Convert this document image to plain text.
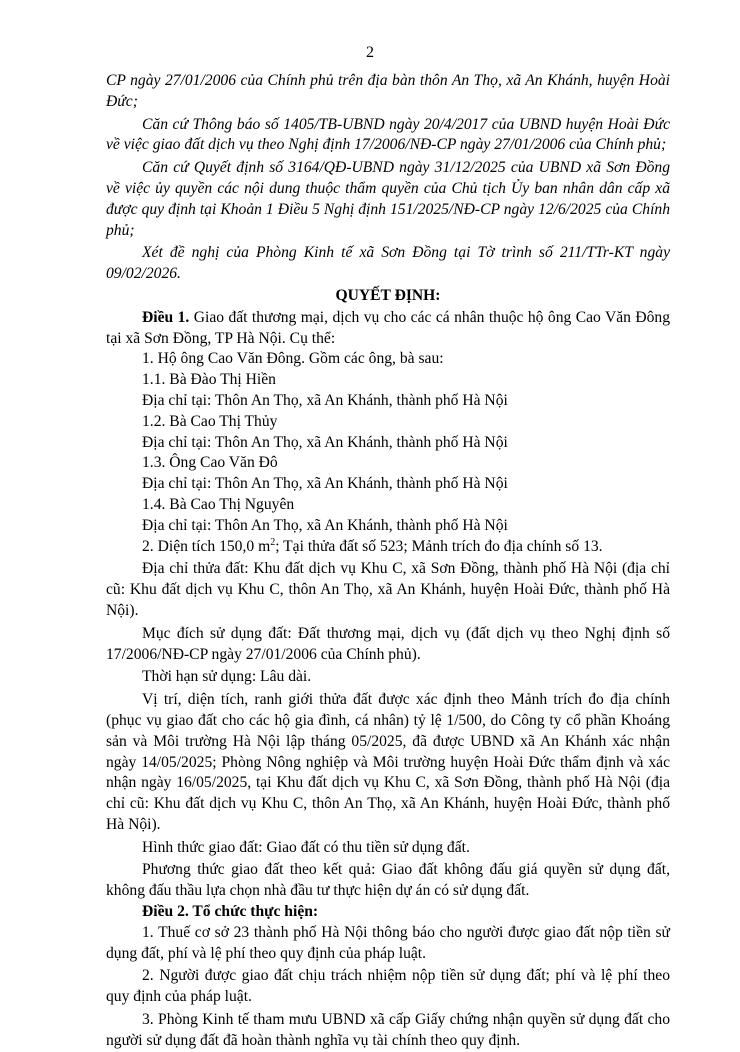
2

CP ngày 27/01/2006 của Chính phủ trên địa bàn thôn An Thọ, xã An Khánh, huyện Hoài Đức;

Căn cứ Thông báo số 1405/TB-UBND ngày 20/4/2017 của UBND huyện Hoài Đức về việc giao đất dịch vụ theo Nghị định 17/2006/NĐ-CP ngày 27/01/2006 của Chính phủ;

Căn cứ Quyết định số 3164/QĐ-UBND ngày 31/12/2025 của UBND xã Sơn Đồng về việc ủy quyền các nội dung thuộc thẩm quyền của Chủ tịch Ủy ban nhân dân cấp xã được quy định tại Khoản 1 Điều 5 Nghị định 151/2025/NĐ-CP ngày 12/6/2025 của Chính phủ;

Xét đề nghị của Phòng Kinh tế xã Sơn Đồng tại Tờ trình số 211/TTr-KT ngày 09/02/2026.

QUYẾT ĐỊNH:

Điều 1. Giao đất thương mại, dịch vụ cho các cá nhân thuộc hộ ông Cao Văn Đông tại xã Sơn Đồng, TP Hà Nội. Cụ thể:

1. Hộ ông Cao Văn Đông. Gồm các ông, bà sau:

1.1. Bà Đào Thị Hiền

Địa chỉ tại: Thôn An Thọ, xã An Khánh, thành phố Hà Nội

1.2. Bà Cao Thị Thủy

Địa chỉ tại: Thôn An Thọ, xã An Khánh, thành phố Hà Nội

1.3. Ông Cao Văn Đô

Địa chỉ tại: Thôn An Thọ, xã An Khánh, thành phố Hà Nội

1.4. Bà Cao Thị Nguyên

Địa chỉ tại: Thôn An Thọ, xã An Khánh, thành phố Hà Nội

2. Diện tích 150,0 $m^2$; Tại thửa đất số 523; Mảnh trích đo địa chính số 13.

Địa chỉ thửa đất: Khu đất dịch vụ Khu C, xã Sơn Đồng, thành phố Hà Nội (địa chỉ cũ: Khu đất dịch vụ Khu C, thôn An Thọ, xã An Khánh, huyện Hoài Đức, thành phố Hà Nội).

Mục đích sử dụng đất: Đất thương mại, dịch vụ (đất dịch vụ theo Nghị định số 17/2006/NĐ-CP ngày 27/01/2006 của Chính phủ).

Thời hạn sử dụng: Lâu dài.

Vị trí, diện tích, ranh giới thửa đất được xác định theo Mảnh trích đo địa chính (phục vụ giao đất cho các hộ gia đình, cá nhân) tỷ lệ 1/500, do Công ty cổ phần Khoáng sản và Môi trường Hà Nội lập tháng 05/2025, đã được UBND xã An Khánh xác nhận ngày 14/05/2025; Phòng Nông nghiệp và Môi trường huyện Hoài Đức thẩm định và xác nhận ngày 16/05/2025, tại Khu đất dịch vụ Khu C, xã Sơn Đồng, thành phố Hà Nội (địa chỉ cũ: Khu đất dịch vụ Khu C, thôn An Thọ, xã An Khánh, huyện Hoài Đức, thành phố Hà Nội).

Hình thức giao đất: Giao đất có thu tiền sử dụng đất.

Phương thức giao đất theo kết quả: Giao đất không đấu giá quyền sử dụng đất, không đấu thầu lựa chọn nhà đầu tư thực hiện dự án có sử dụng đất.

Điều 2. Tổ chức thực hiện:

1. Thuế cơ sở 23 thành phố Hà Nội thông báo cho người được giao đất nộp tiền sử dụng đất, phí và lệ phí theo quy định của pháp luật.

2. Người được giao đất chịu trách nhiệm nộp tiền sử dụng đất; phí và lệ phí theo quy định của pháp luật.

3. Phòng Kinh tế tham mưu UBND xã cấp Giấy chứng nhận quyền sử dụng đất cho người sử dụng đất đã hoàn thành nghĩa vụ tài chính theo quy định.
